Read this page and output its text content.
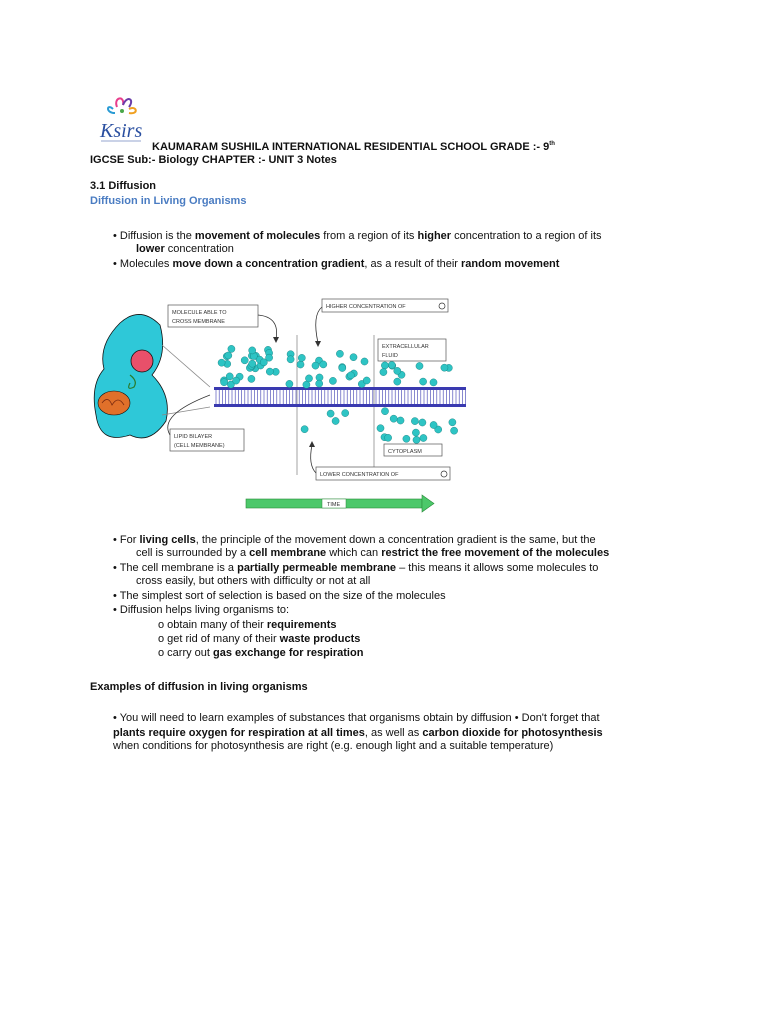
Ksirs
KAUMARAM SUSHILA INTERNATIONAL RESIDENTIAL SCHOOL GRADE :- 9th
IGCSE Sub:- Biology CHAPTER :- UNIT 3 Notes
3.1 Diffusion
Diffusion in Living Organisms
• Diffusion is the movement of molecules from a region of its higher concentration to a region of its
lower concentration
• Molecules move down a concentration gradient, as a result of their random movement
MOLECULE ABLE TO
CROSS MEMBRANE
HIGHER CONCENTRATION OF
EXTRACELLULAR
FLUID
LIPID BILAYER
(CELL MEMBRANE)
CYTOPLASM
LOWER CONCENTRATION OF
TIME
• For living cells, the principle of the movement down a concentration gradient is the same, but the
cell is surrounded by a cell membrane which can restrict the free movement of the molecules
• The cell membrane is a partially permeable membrane – this means it allows some molecules to
cross easily, but others with difficulty or not at all
• The simplest sort of selection is based on the size of the molecules
• Diffusion helps living organisms to:
o obtain many of their requirements
o get rid of many of their waste products
o carry out gas exchange for respiration
Examples of diffusion in living organisms
• You will need to learn examples of substances that organisms obtain by diffusion • Don't forget that
plants require oxygen for respiration at all times, as well as carbon dioxide for photosynthesis
when conditions for photosynthesis are right (e.g. enough light and a suitable temperature)
